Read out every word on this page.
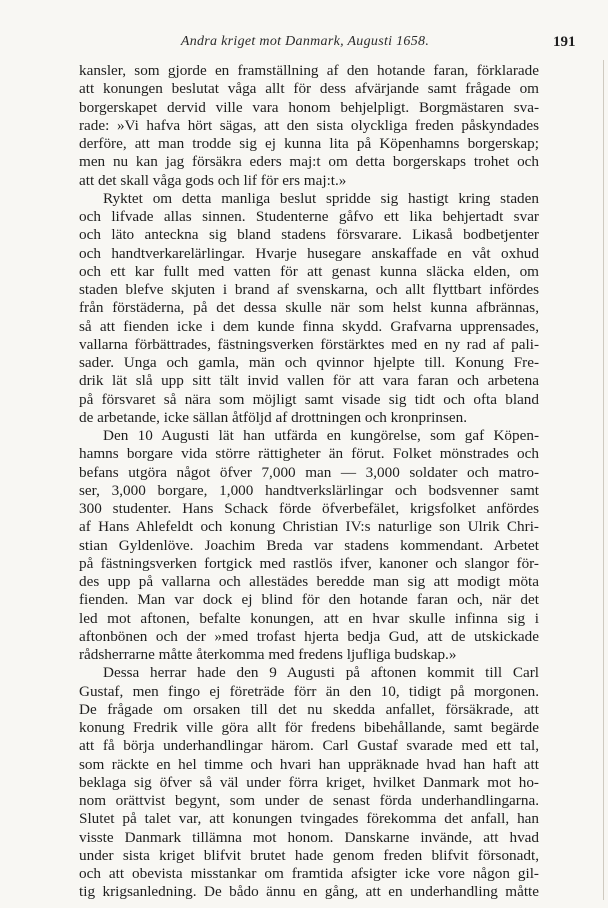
Andra kriget mot Danmark, Augusti 1658.	191
kansler, som gjorde en framställning af den hotande faran, förklarade
att konungen beslutat våga allt för dess afvärjande samt frågade om
borgerskapet dervid ville vara honom behjelpligt. Borgmästaren sva-
rade: »Vi hafva hört sägas, att den sista olyckliga freden påskyndades
derföre, att man trodde sig ej kunna lita på Köpenhamns borgerskap;
men nu kan jag försäkra eders maj:t om detta borgerskaps trohet och
att det skall våga gods och lif för ers maj:t.»
Ryktet om detta manliga beslut spridde sig hastigt kring staden
och lifvade allas sinnen. Studenterne gåfvo ett lika behjertadt svar
och läto anteckna sig bland stadens försvarare. Likaså bodbetjenter
och handtverkarelärlingar. Hvarje husegare anskaffade en våt oxhud
och ett kar fullt med vatten för att genast kunna släcka elden, om
staden blefve skjuten i brand af svenskarna, och allt flyttbart infördes
från förstäderna, på det dessa skulle när som helst kunna afbrännas,
så att fienden icke i dem kunde finna skydd. Grafvarna upprensades,
vallarna förbättrades, fästningsverken förstärktes med en ny rad af pali-
sader. Unga och gamla, män och qvinnor hjelpte till. Konung Fre-
drik lät slå upp sitt tält invid vallen för att vara faran och arbetena
på försvaret så nära som möjligt samt visade sig tidt och ofta bland
de arbetande, icke sällan åtföljd af drottningen och kronprinsen.
Den 10 Augusti lät han utfärda en kungörelse, som gaf Köpen-
hamns borgare vida större rättigheter än förut. Folket mönstrades och
befans utgöra något öfver 7,000 man — 3,000 soldater och matro-
ser, 3,000 borgare, 1,000 handtverkslärlingar och bodsvenner samt
300 studenter. Hans Schack förde öfverbefälet, krigsfolket anfördes
af Hans Ahlefeldt och konung Christian IV:s naturlige son Ulrik Chri-
stian Gyldenlöve. Joachim Breda var stadens kommendant. Arbetet
på fästningsverken fortgick med rastlös ifver, kanoner och slangor för-
des upp på vallarna och allestädes beredde man sig att modigt möta
fienden. Man var dock ej blind för den hotande faran och, när det
led mot aftonen, befalte konungen, att en hvar skulle infinna sig i
aftonbönen och der »med trofast hjerta bedja Gud, att de utskickade
rådsherrarne måtte återkomma med fredens ljufliga budskap.»
Dessa herrar hade den 9 Augusti på aftonen kommit till Carl
Gustaf, men fingo ej företräde förr än den 10, tidigt på morgonen.
De frågade om orsaken till det nu skedda anfallet, försäkrade, att
konung Fredrik ville göra allt för fredens bibehållande, samt begärde
att få börja underhandlingar härom. Carl Gustaf svarade med ett tal,
som räckte en hel timme och hvari han uppräknade hvad han haft att
beklaga sig öfver så väl under förra kriget, hvilket Danmark mot ho-
nom orättvist begynt, som under de senast förda underhandlingarna.
Slutet på talet var, att konungen tvingades förekomma det anfall, han
visste Danmark tillämna mot honom. Danskarne invände, att hvad
under sista kriget blifvit brutet hade genom freden blifvit försonadt,
och att obevista misstankar om framtida afsigter icke vore någon gil-
tig krigsanledning. De bådo ännu en gång, att en underhandling måtte
